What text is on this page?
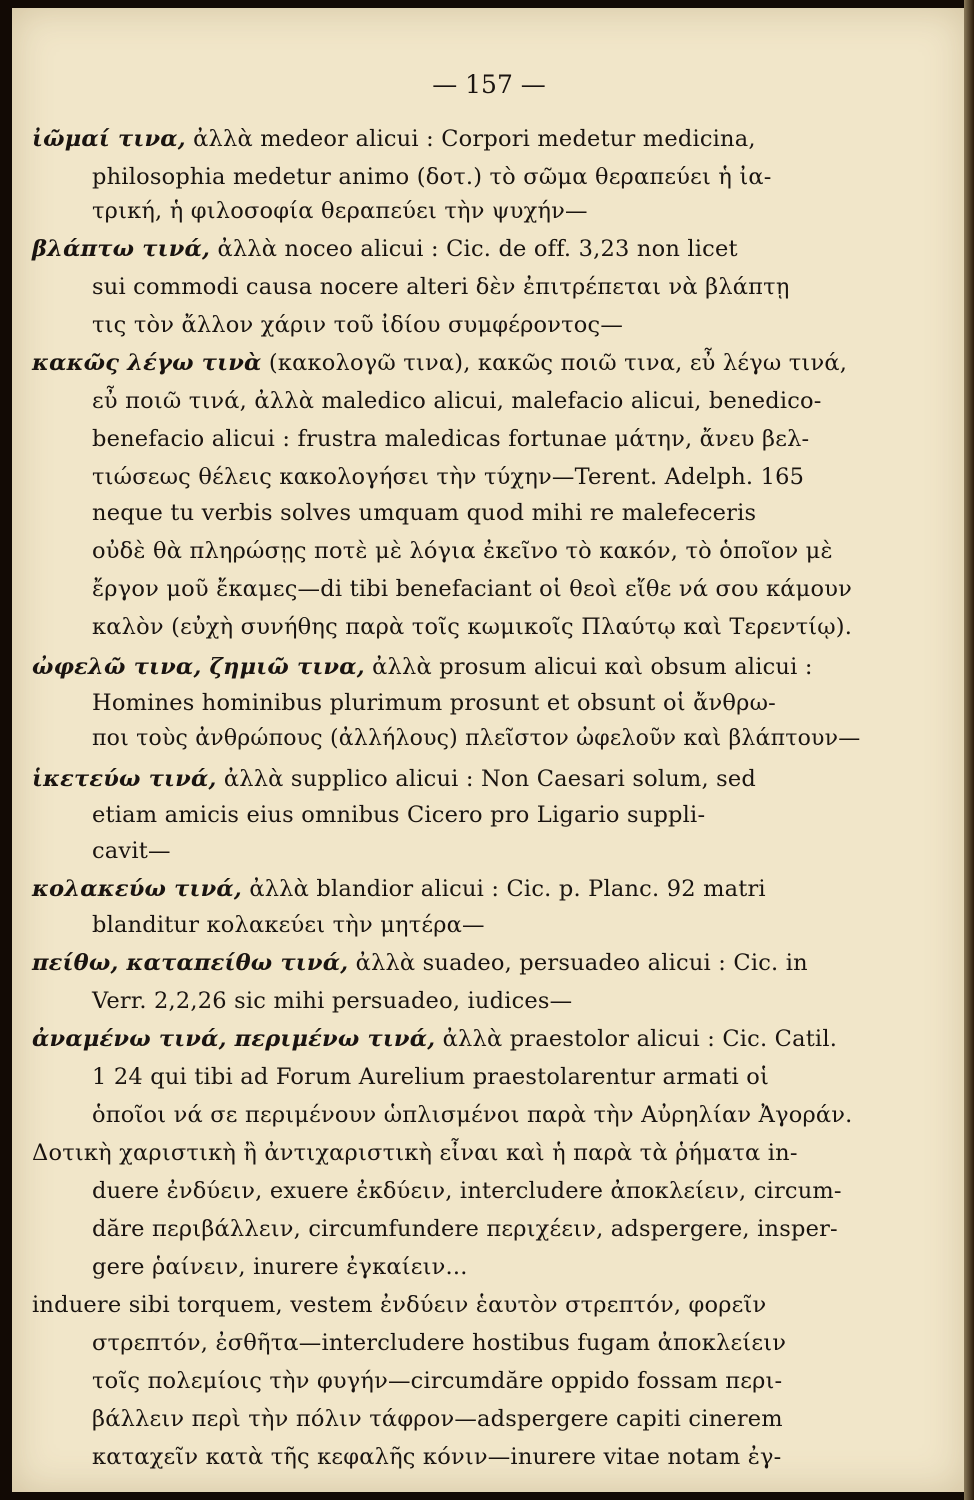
— 157 —
ἰῶμαί τινα, ἀλλὰ medeor alicui : Corpori medetur medicina,
philosophia medetur animo (δοτ.) τὸ σῶμα θεραπεύει ἡ ἰα-
τρική, ἡ φιλοσοφία θεραπεύει τὴν ψυχήν—
βλάπτω τινά, ἀλλὰ noceo alicui : Cic. de off. 3,23 non licet
sui commodi causa nocere alteri δὲν ἐπιτρέπεται νὰ βλάπτῃ
τις τὸν ἄλλον χάριν τοῦ ἰδίου συμφέροντος—
κακῶς λέγω τινὰ (κακολογῶ τινα), κακῶς ποιῶ τινα, εὖ λέγω τινά,
εὖ ποιῶ τινά, ἀλλὰ maledico alicui, malefacio alicui, benedico-
benefacio alicui : frustra maledicas fortunae μάτην, ἄνευ βελ-
τιώσεως θέλεις κακολογήσει τὴν τύχην—Terent. Adelph. 165
neque tu verbis solves umquam quod mihi re malefeceris
οὐδὲ θὰ πληρώσῃς ποτὲ μὲ λόγια ἐκεῖνο τὸ κακόν, τὸ ὁποῖον μὲ
ἔργον μοῦ ἔκαμες—di tibi benefaciant οἱ θεοὶ εἴθε νά σου κάμουν
καλὸν (εὐχὴ συνήθης παρὰ τοῖς κωμικοῖς Πλαύτῳ καὶ Τερεντίῳ).
ὠφελῶ τινα, ζημιῶ τινα, ἀλλὰ prosum alicui καὶ obsum alicui :
Homines hominibus plurimum prosunt et obsunt οἱ ἄνθρω-
ποι τοὺς ἀνθρώπους (ἀλλήλους) πλεῖστον ὠφελοῦν καὶ βλάπτουν—
ἱκετεύω τινά, ἀλλὰ supplico alicui : Non Caesari solum, sed
etiam amicis eius omnibus Cicero pro Ligario suppli-
cavit—
κολακεύω τινά, ἀλλὰ blandior alicui : Cic. p. Planc. 92 matri
blanditur κολακεύει τὴν μητέρα—
πείθω, καταπείθω τινά, ἀλλὰ suadeo, persuadeo alicui : Cic. in
Verr. 2,2,26 sic mihi persuadeo, iudices—
ἀναμένω τινά, περιμένω τινά, ἀλλὰ praestolor alicui : Cic. Catil.
1 24 qui tibi ad Forum Aurelium praestolarentur armati οἱ
ὁποῖοι νά σε περιμένουν ὡπλισμένοι παρὰ τὴν Αὐρηλίαν Ἀγοράν.
Δοτικὴ χαριστικὴ ἢ ἀντιχαριστικὴ εἶναι καὶ ἡ παρὰ τὰ ῥήματα in-
duere ἐνδύειν, exuere ἐκδύειν, intercludere ἀποκλείειν, circum-
dăre περιβάλλειν, circumfundere περιχέειν, adspergere, insper-
gere ῥαίνειν, inurere ἐγκαίειν...
induere sibi torquem, vestem ἐνδύειν ἑαυτὸν στρεπτόν, φορεῖν
στρεπτόν, ἐσθῆτα—intercludere hostibus fugam ἀποκλείειν
τοῖς πολεμίοις τὴν φυγήν—circumdăre oppido fossam περι-
βάλλειν περὶ τὴν πόλιν τάφρον—adspergere capiti cinerem
καταχεῖν κατὰ τῆς κεφαλῆς κόνιν—inurere vitae notam ἐγ-
